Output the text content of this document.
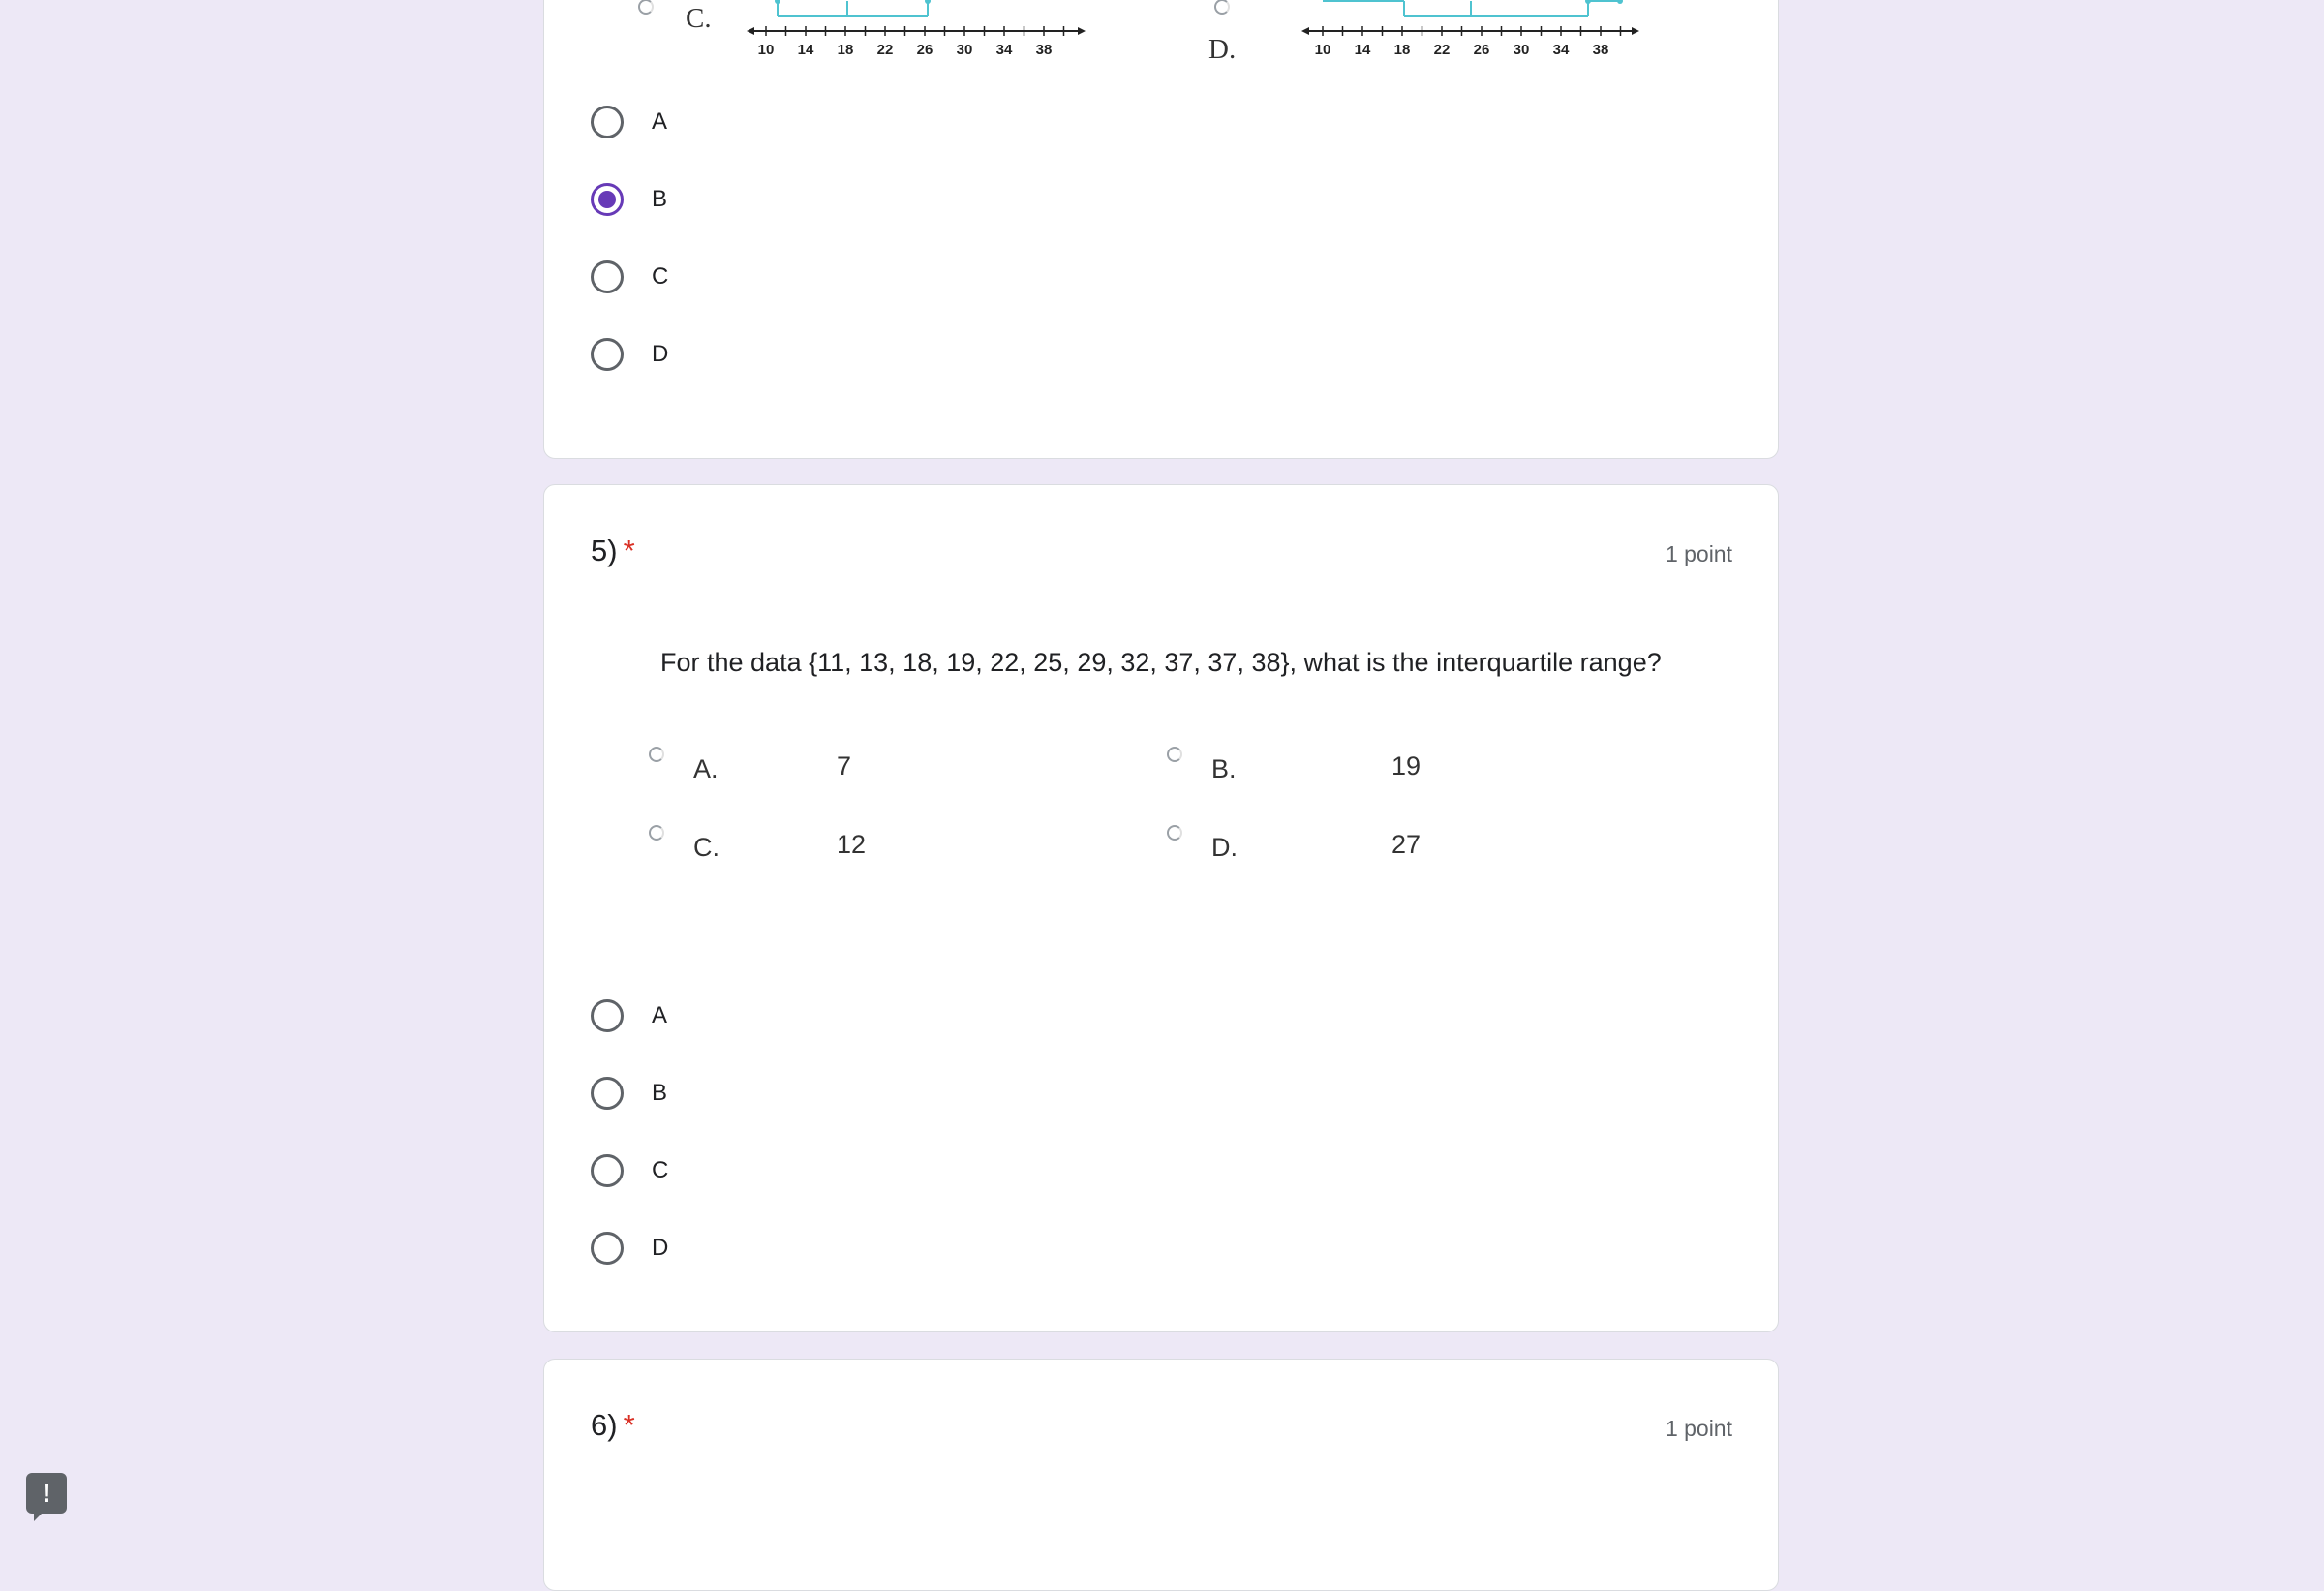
C.
10	14	18	22	26	30	34	38	10	14	18	22	26	30	34	38
D.
A
B
C
D
5) *	1 point
For the data {11, 13, 18, 19, 22, 25, 29, 32, 37, 37, 38}, what is the interquartile range?
A.	7	B.	19
C.	12	D.	27
A
B
C
D
6) *	1 point
!
